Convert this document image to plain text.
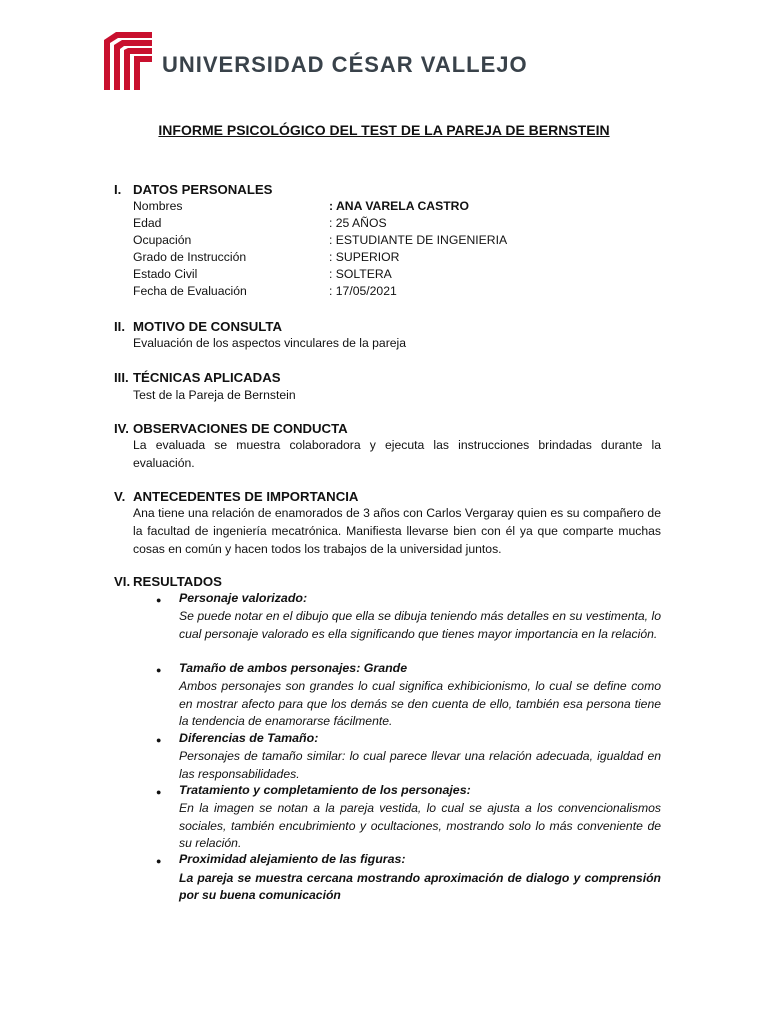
UNIVERSIDAD CÉSAR VALLEJO
INFORME PSICOLÓGICO DEL TEST DE LA PAREJA DE BERNSTEIN
I. DATOS PERSONALES
Nombres	: ANA VARELA CASTRO
Edad	: 25 AÑOS
Ocupación	: ESTUDIANTE DE INGENIERIA
Grado de Instrucción	: SUPERIOR
Estado Civil	: SOLTERA
Fecha de Evaluación	: 17/05/2021
II. MOTIVO DE CONSULTA
Evaluación de los aspectos vinculares de la pareja
III. TÉCNICAS APLICADAS
Test de la Pareja de Bernstein
IV. OBSERVACIONES DE CONDUCTA
La evaluada se muestra colaboradora y ejecuta las instrucciones brindadas durante la evaluación.
V. ANTECEDENTES DE IMPORTANCIA
Ana tiene una relación de enamorados de 3 años con Carlos Vergaray quien es su compañero de la facultad de ingeniería mecatrónica. Manifiesta llevarse bien con él ya que comparte muchas cosas en común y hacen todos los trabajos de la universidad juntos.
VI. RESULTADOS
● Personaje valorizado:
Se puede notar en el dibujo que ella se dibuja teniendo más detalles en su vestimenta, lo cual personaje valorado es ella significando que tienes mayor importancia en la relación.
● Tamaño de ambos personajes: Grande
Ambos personajes son grandes lo cual significa exhibicionismo, lo cual se define como en mostrar afecto para que los demás se den cuenta de ello, también esa persona tiene la tendencia de enamorarse fácilmente.
● Diferencias de Tamaño:
Personajes de tamaño similar: lo cual parece llevar una relación adecuada, igualdad en las responsabilidades.
● Tratamiento y completamiento de los personajes:
En la imagen se notan a la pareja vestida, lo cual se ajusta a los convencionalismos sociales, también encubrimiento y ocultaciones, mostrando solo lo más conveniente de su relación.
● Proximidad alejamiento de las figuras:
La pareja se muestra cercana mostrando aproximación de dialogo y comprensión por su buena comunicación
